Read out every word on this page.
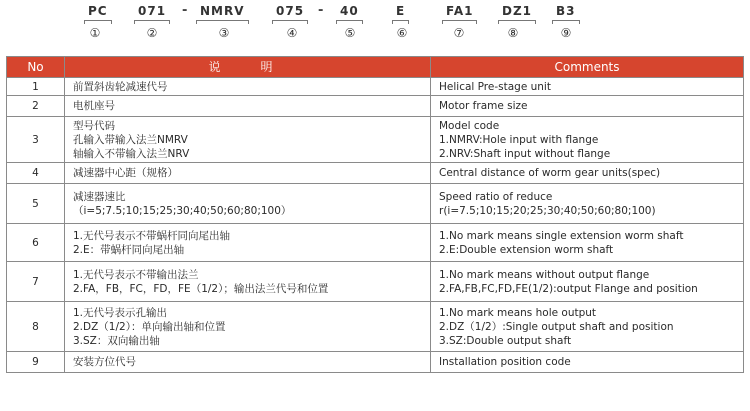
PC	071 - NMRV	075 - 40	E	FA1 DZ1 B3
①	②	③	④	⑤	⑥	⑦	⑧	⑨
No	说　明	Comments
1	前置斜齿轮减速代号	Helical Pre-stage unit

2	电机座号	Motor frame size

3	型号代码
孔输入带输入法兰NMRV
轴输入不带输入法兰NRV	Model code
1.NMRV:Hole input with flange
2.NRV:Shaft input without flange

4	减速器中心距（规格）	Central distance of worm gear units(spec)

5	减速器速比
（i=5;7.5;10;15;25;30;40;50;60;80;100）	Speed ratio of reduce
r(i=7.5;10;15;20;25;30;40;50;60;80;100)

6	1.无代号表示不带蜗杆同向尾出轴
2.E：带蜗杆同向尾出轴	1.No mark means single extension worm shaft
2.E:Double extension worm shaft

7	1.无代号表示不带输出法兰
2.FA，FB，FC，FD，FE（1/2）；输出法兰代号和位置	1.No mark means without output flange
2.FA,FB,FC,FD,FE(1/2):output Flange and position

8	1.无代号表示孔输出
2.DZ（1/2）：单向输出轴和位置
3.SZ：双向输出轴	1.No mark means hole output
2.DZ（1/2）:Single output shaft and position
3.SZ:Double output shaft

9	安装方位代号	Installation position code
